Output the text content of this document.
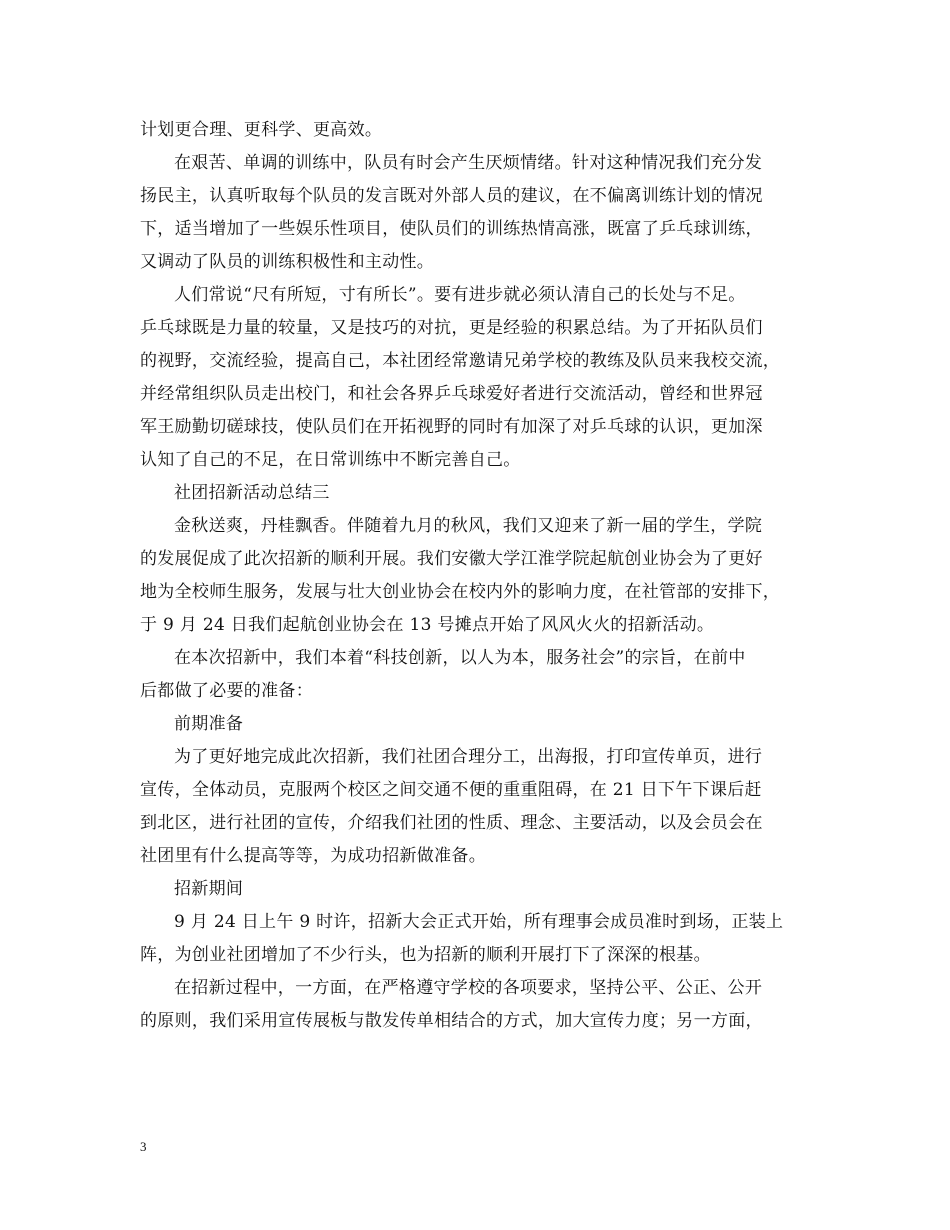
计划更合理、更科学、更高效。
在艰苦、单调的训练中，队员有时会产生厌烦情绪。针对这种情况我们充分发
扬民主，认真听取每个队员的发言既对外部人员的建议，在不偏离训练计划的情况
下，适当增加了一些娱乐性项目，使队员们的训练热情高涨，既富了乒乓球训练，
又调动了队员的训练积极性和主动性。
人们常说“尺有所短，寸有所长”。要有进步就必须认清自己的长处与不足。
乒乓球既是力量的较量，又是技巧的对抗，更是经验的积累总结。为了开拓队员们
的视野，交流经验，提高自己，本社团经常邀请兄弟学校的教练及队员来我校交流，
并经常组织队员走出校门，和社会各界乒乓球爱好者进行交流活动，曾经和世界冠
军王励勤切磋球技，使队员们在开拓视野的同时有加深了对乒乓球的认识，更加深
认知了自己的不足，在日常训练中不断完善自己。
社团招新活动总结三
金秋送爽，丹桂飘香。伴随着九月的秋风，我们又迎来了新一届的学生，学院
的发展促成了此次招新的顺利开展。我们安徽大学江淮学院起航创业协会为了更好
地为全校师生服务，发展与壮大创业协会在校内外的影响力度，在社管部的安排下，
于 9 月 24 日我们起航创业协会在 13 号摊点开始了风风火火的招新活动。
在本次招新中，我们本着“科技创新，以人为本，服务社会”的宗旨，在前中
后都做了必要的准备：
前期准备
为了更好地完成此次招新，我们社团合理分工，出海报，打印宣传单页，进行
宣传，全体动员，克服两个校区之间交通不便的重重阻碍，在 21 日下午下课后赶
到北区，进行社团的宣传，介绍我们社团的性质、理念、主要活动，以及会员会在
社团里有什么提高等等，为成功招新做准备。
招新期间
9 月 24 日上午 9 时许，招新大会正式开始，所有理事会成员准时到场，正装上
阵，为创业社团增加了不少行头，也为招新的顺利开展打下了深深的根基。
在招新过程中，一方面，在严格遵守学校的各项要求，坚持公平、公正、公开
的原则，我们采用宣传展板与散发传单相结合的方式，加大宣传力度；另一方面，
3
